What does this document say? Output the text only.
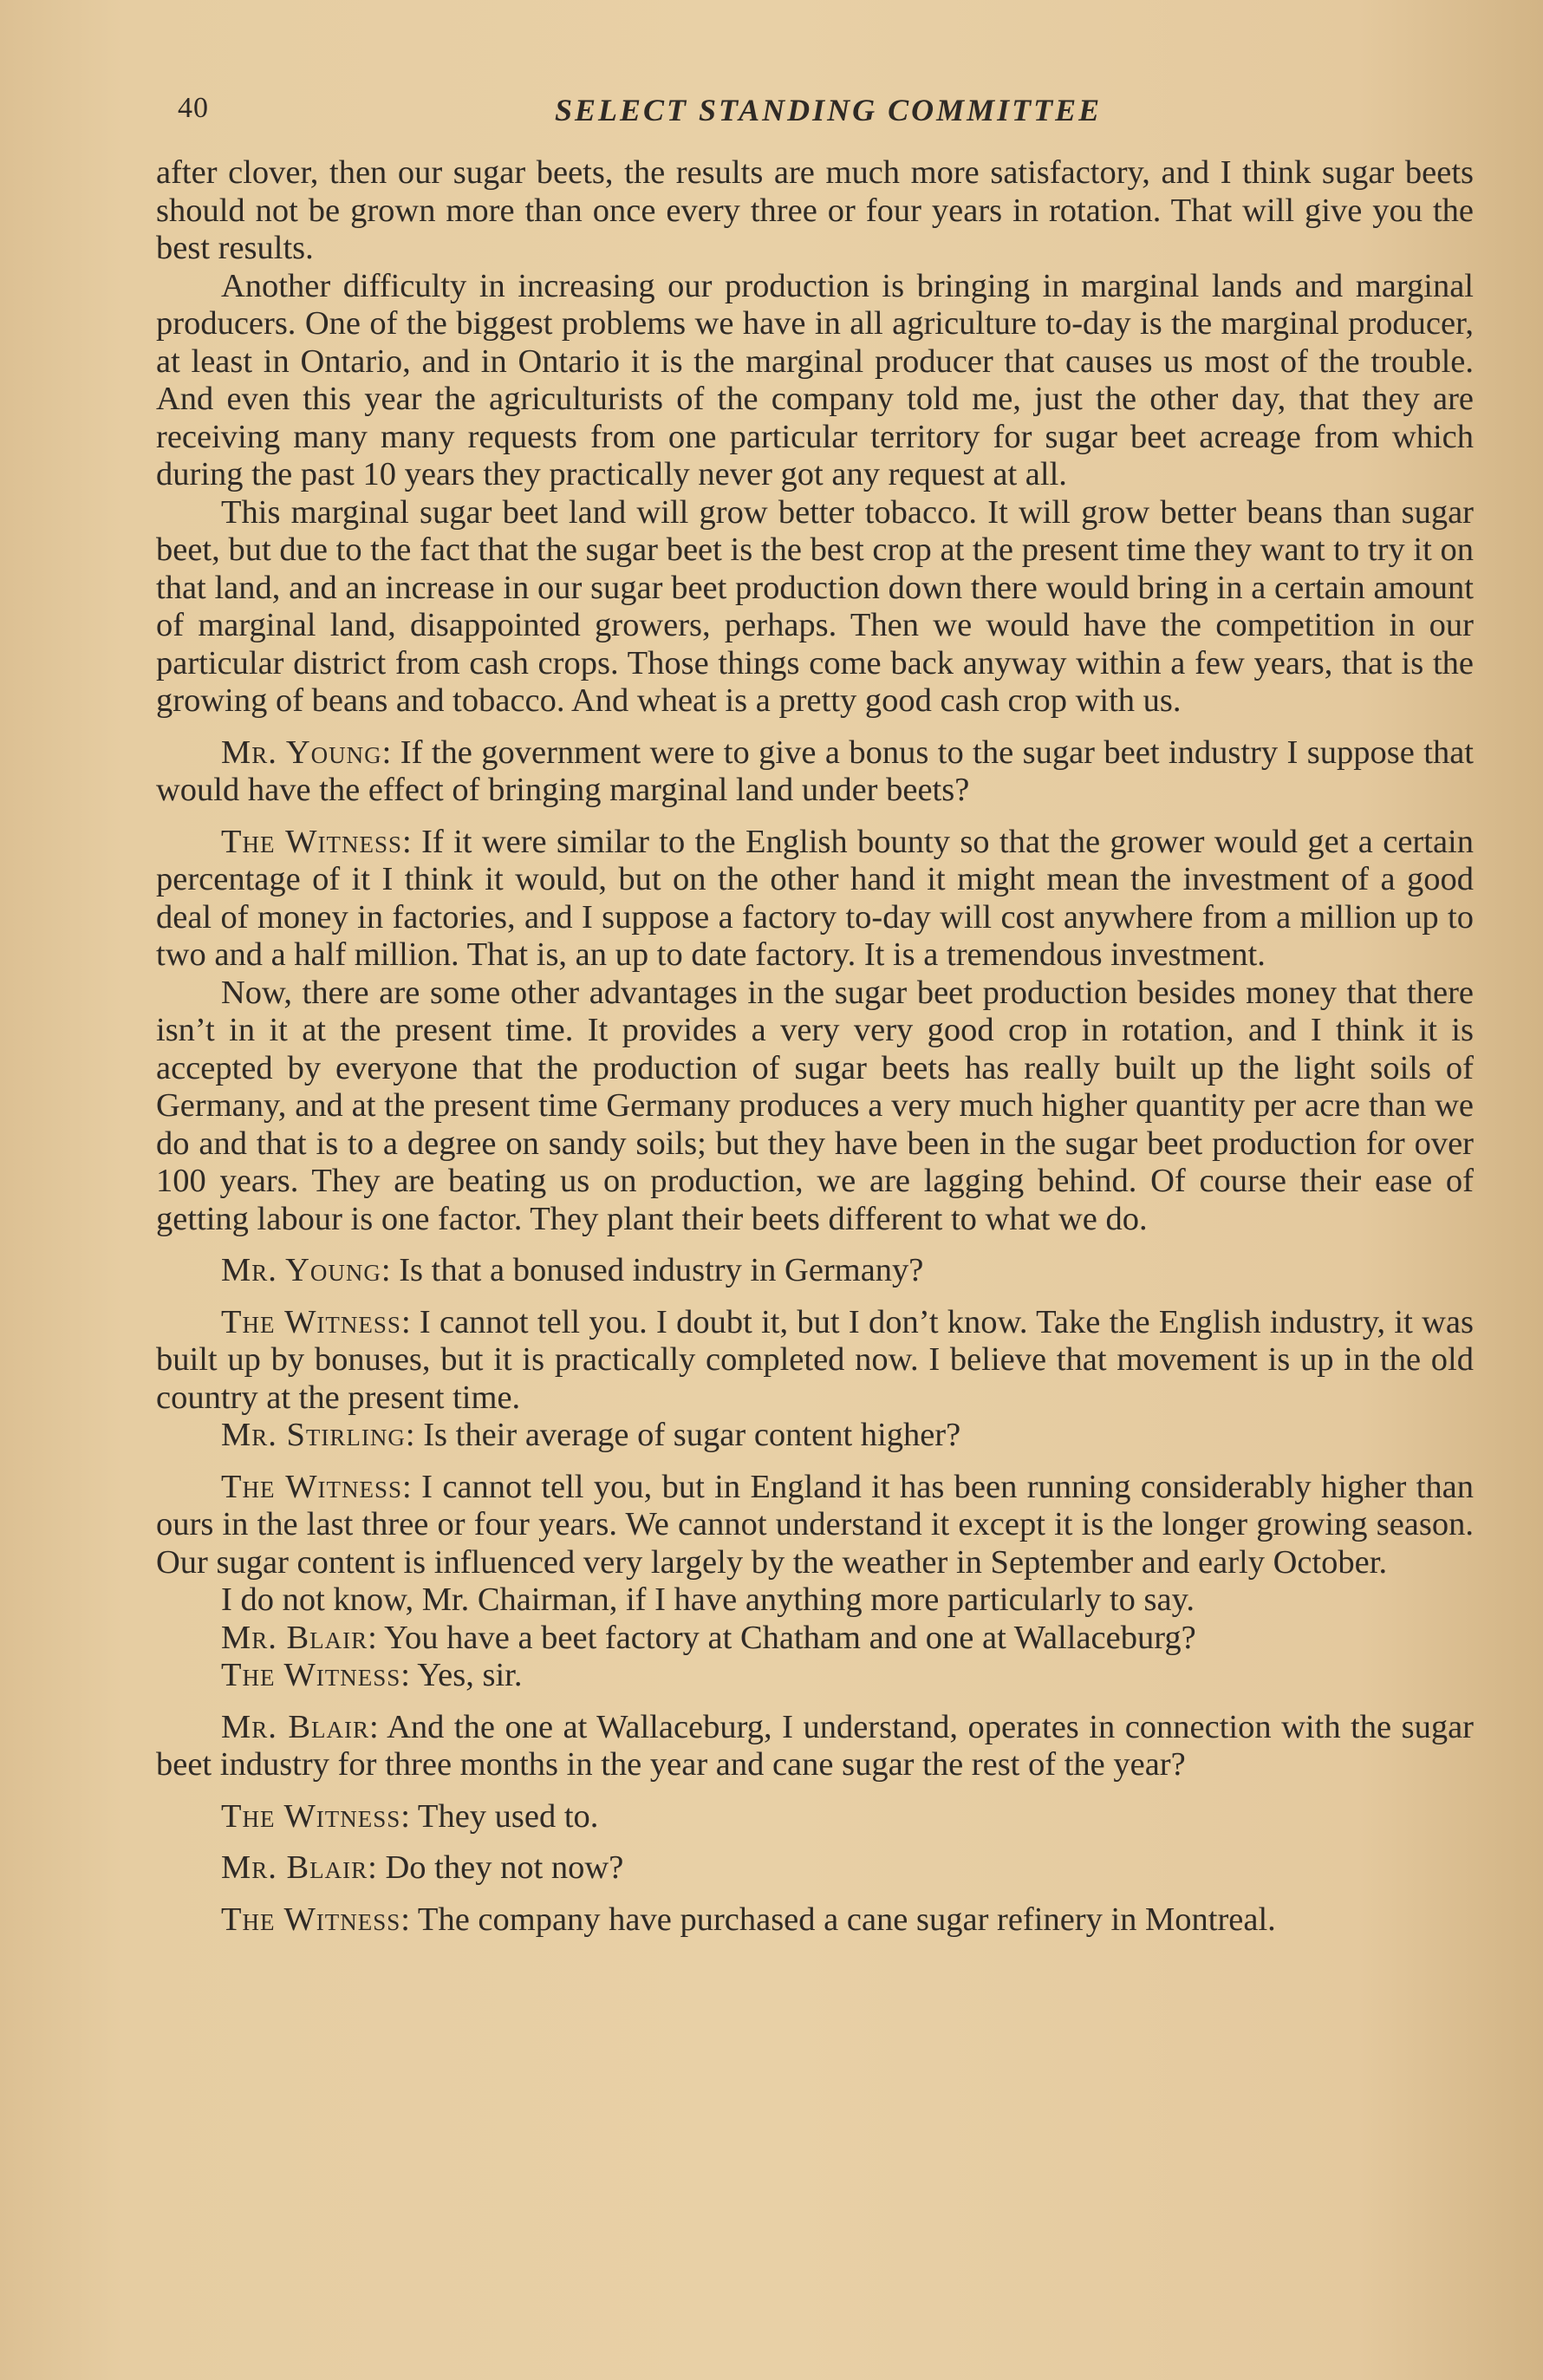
40	SELECT STANDING COMMITTEE

after clover, then our sugar beets, the results are much more satisfactory, and I think sugar beets should not be grown more than once every three or four years in rotation. That will give you the best results.

Another difficulty in increasing our production is bringing in marginal lands and marginal producers. One of the biggest problems we have in all agriculture to-day is the marginal producer, at least in Ontario, and in Ontario it is the marginal producer that causes us most of the trouble. And even this year the agriculturists of the company told me, just the other day, that they are receiving many many requests from one particular territory for sugar beet acreage from which during the past 10 years they practically never got any request at all.

This marginal sugar beet land will grow better tobacco. It will grow better beans than sugar beet, but due to the fact that the sugar beet is the best crop at the present time they want to try it on that land, and an increase in our sugar beet production down there would bring in a certain amount of marginal land, disappointed growers, perhaps. Then we would have the competition in our particular district from cash crops. Those things come back anyway within a few years, that is the growing of beans and tobacco. And wheat is a pretty good cash crop with us.

Mr. Young: If the government were to give a bonus to the sugar beet industry I suppose that would have the effect of bringing marginal land under beets?

The Witness: If it were similar to the English bounty so that the grower would get a certain percentage of it I think it would, but on the other hand it might mean the investment of a good deal of money in factories, and I suppose a factory to-day will cost anywhere from a million up to two and a half million. That is, an up to date factory. It is a tremendous investment.

Now, there are some other advantages in the sugar beet production besides money that there isn’t in it at the present time. It provides a very very good crop in rotation, and I think it is accepted by everyone that the production of sugar beets has really built up the light soils of Germany, and at the present time Germany produces a very much higher quantity per acre than we do and that is to a degree on sandy soils; but they have been in the sugar beet production for over 100 years. They are beating us on production, we are lagging behind. Of course their ease of getting labour is one factor. They plant their beets different to what we do.

Mr. Young: Is that a bonused industry in Germany?

The Witness: I cannot tell you. I doubt it, but I don’t know. Take the English industry, it was built up by bonuses, but it is practically completed now. I believe that movement is up in the old country at the present time.

Mr. Stirling: Is their average of sugar content higher?

The Witness: I cannot tell you, but in England it has been running considerably higher than ours in the last three or four years. We cannot understand it except it is the longer growing season. Our sugar content is influenced very largely by the weather in September and early October.

I do not know, Mr. Chairman, if I have anything more particularly to say.

Mr. Blair: You have a beet factory at Chatham and one at Wallaceburg?

The Witness: Yes, sir.

Mr. Blair: And the one at Wallaceburg, I understand, operates in connection with the sugar beet industry for three months in the year and cane sugar the rest of the year?

The Witness: They used to.

Mr. Blair: Do they not now?

The Witness: The company have purchased a cane sugar refinery in Montreal.
